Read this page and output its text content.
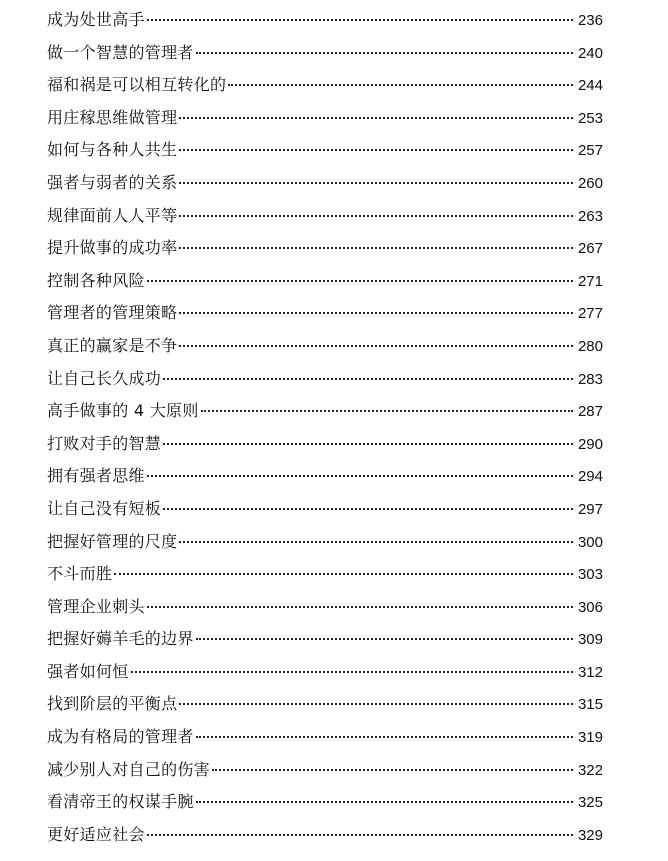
成为处世高手	236
做一个智慧的管理者	240
福和祸是可以相互转化的	244
用庄稼思维做管理	253
如何与各种人共生	257
强者与弱者的关系	260
规律面前人人平等	263
提升做事的成功率	267
控制各种风险	271
管理者的管理策略	277
真正的赢家是不争	280
让自己长久成功	283
高手做事的 4 大原则	287
打败对手的智慧	290
拥有强者思维	294
让自己没有短板	297
把握好管理的尺度	300
不斗而胜	303
管理企业刺头	306
把握好薅羊毛的边界	309
强者如何恒	312
找到阶层的平衡点	315
成为有格局的管理者	319
减少别人对自己的伤害	322
看清帝王的权谋手腕	325
更好适应社会	329
